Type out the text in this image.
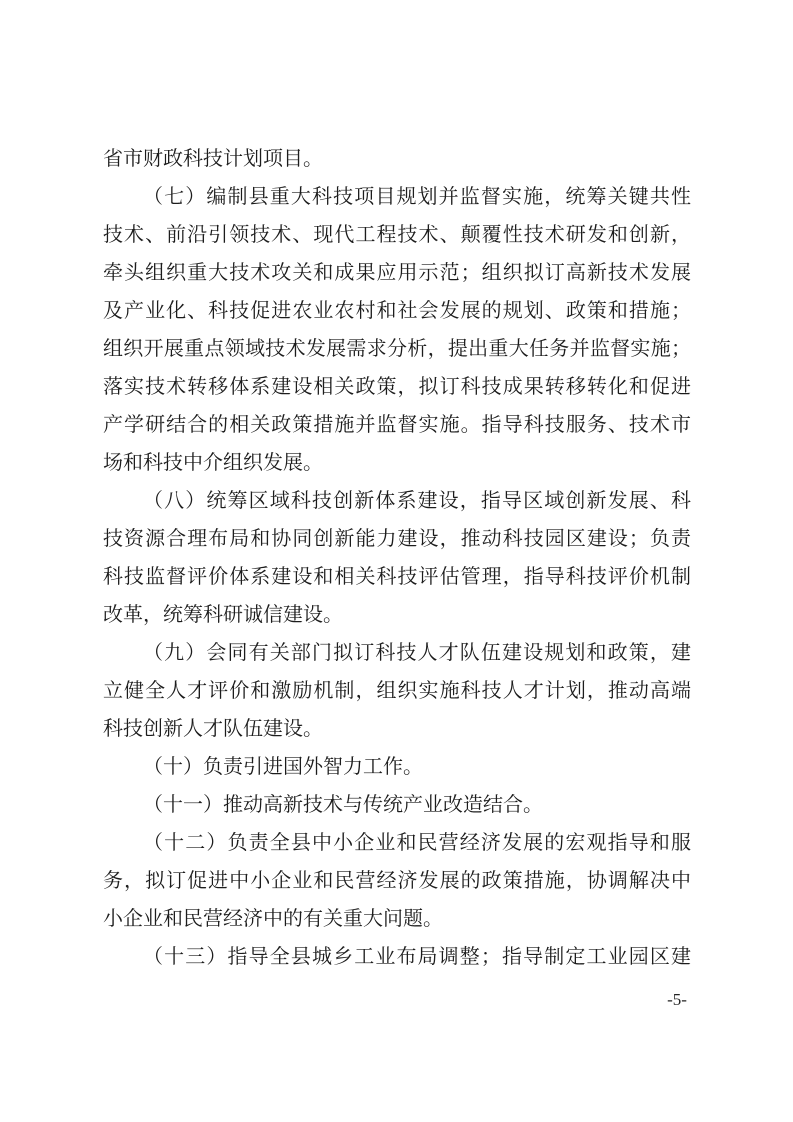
省市财政科技计划项目。
（七）编制县重大科技项目规划并监督实施，统筹关键共性
技术、前沿引领技术、现代工程技术、颠覆性技术研发和创新，
牵头组织重大技术攻关和成果应用示范；组织拟订高新技术发展
及产业化、科技促进农业农村和社会发展的规划、政策和措施；
组织开展重点领域技术发展需求分析，提出重大任务并监督实施；
落实技术转移体系建设相关政策，拟订科技成果转移转化和促进
产学研结合的相关政策措施并监督实施。指导科技服务、技术市
场和科技中介组织发展。
（八）统筹区域科技创新体系建设，指导区域创新发展、科
技资源合理布局和协同创新能力建设，推动科技园区建设；负责
科技监督评价体系建设和相关科技评估管理，指导科技评价机制
改革，统筹科研诚信建设。
（九）会同有关部门拟订科技人才队伍建设规划和政策，建
立健全人才评价和激励机制，组织实施科技人才计划，推动高端
科技创新人才队伍建设。
（十）负责引进国外智力工作。
（十一）推动高新技术与传统产业改造结合。
（十二）负责全县中小企业和民营经济发展的宏观指导和服
务，拟订促进中小企业和民营经济发展的政策措施，协调解决中
小企业和民营经济中的有关重大问题。
（十三）指导全县城乡工业布局调整；指导制定工业园区建
-5-
